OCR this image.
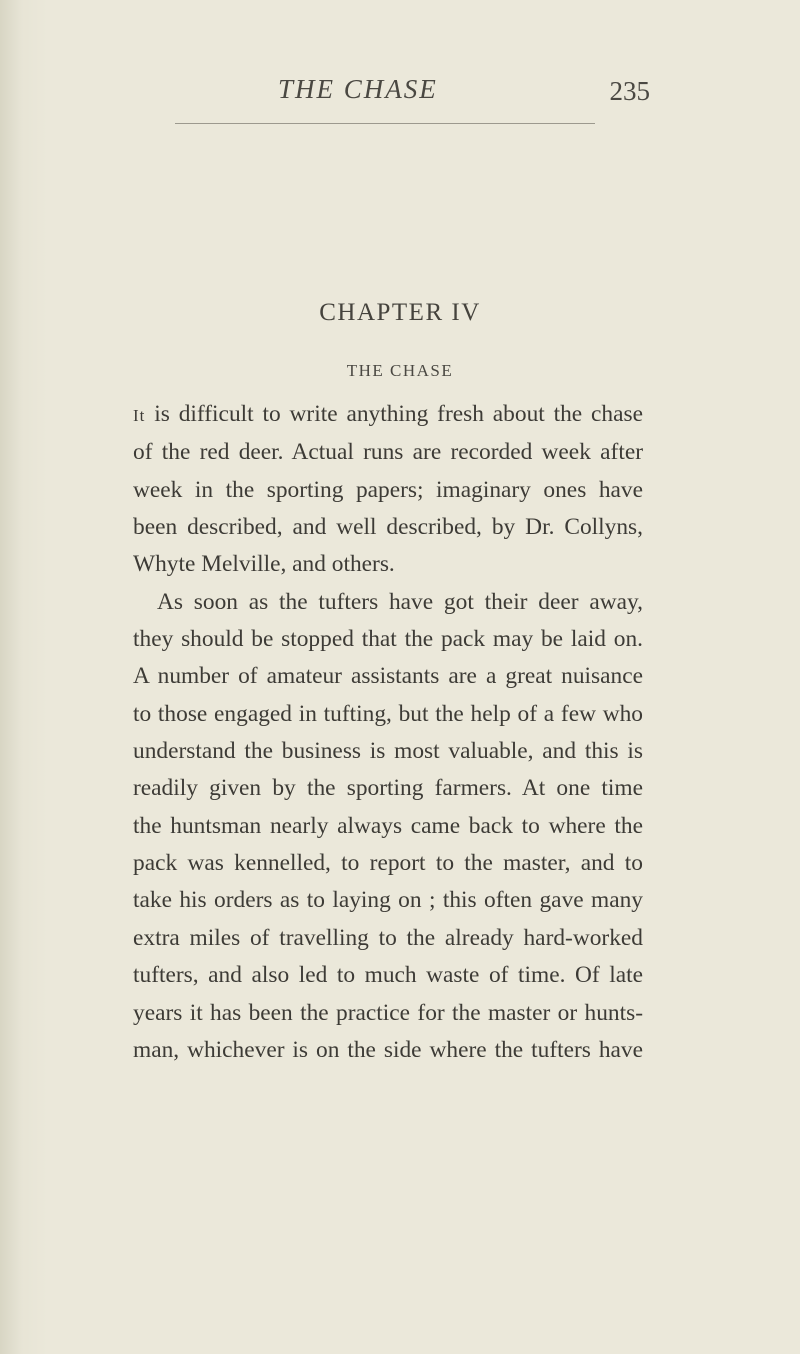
THE CHASE	235
CHAPTER IV
THE CHASE
It is difficult to write anything fresh about the chase
of the red deer. Actual runs are recorded week after
week in the sporting papers; imaginary ones have
been described, and well described, by Dr. Collyns,
Whyte Melville, and others.
As soon as the tufters have got their deer away,
they should be stopped that the pack may be laid on.
A number of amateur assistants are a great nuisance
to those engaged in tufting, but the help of a few who
understand the business is most valuable, and this is
readily given by the sporting farmers. At one time
the huntsman nearly always came back to where the
pack was kennelled, to report to the master, and to
take his orders as to laying on ; this often gave many
extra miles of travelling to the already hard-worked
tufters, and also led to much waste of time. Of late
years it has been the practice for the master or hunts-
man, whichever is on the side where the tufters have
